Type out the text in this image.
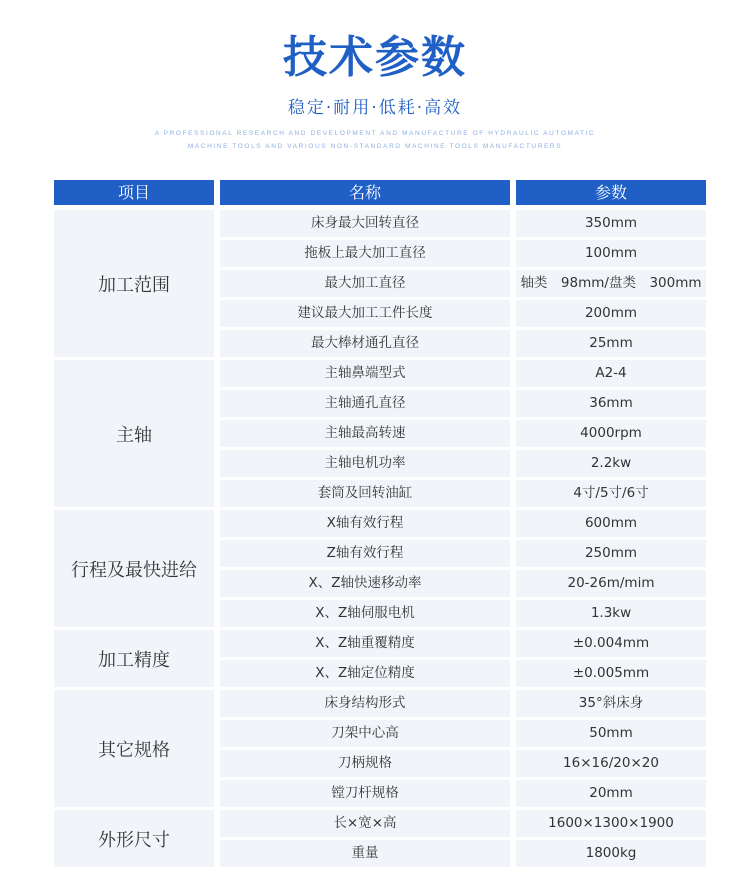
技术参数
稳定·耐用·低耗·高效
A PROFESSIONAL RESEARCH AND DEVELOPMENT AND MANUFACTURE OF HYDRAULIC AUTOMATIC
MACHINE TOOLS AND VARIOUS NON-STANDARD MACHINE TOOLS MANUFACTURERS
项目	名称	参数
加工范围
床身最大回转直径	350mm
拖板上最大加工直径	100mm
最大加工直径	轴类　98mm/盘类　300mm
建议最大加工工件长度	200mm
最大棒材通孔直径	25mm
主轴
主轴鼻端型式	A2-4
主轴通孔直径	36mm
主轴最高转速	4000rpm
主轴电机功率	2.2kw
套筒及回转油缸	4寸/5寸/6寸
行程及最快进给
X轴有效行程	600mm
Z轴有效行程	250mm
X、Z轴快速移动率	20-26m/mim
X、Z轴伺服电机	1.3kw
加工精度
X、Z轴重覆精度	±0.004mm
X、Z轴定位精度	±0.005mm
其它规格
床身结构形式	35°斜床身
刀架中心高	50mm
刀柄规格	16×16/20×20
镗刀杆规格	20mm
外形尺寸
长×宽×高	1600×1300×1900
重量	1800kg
